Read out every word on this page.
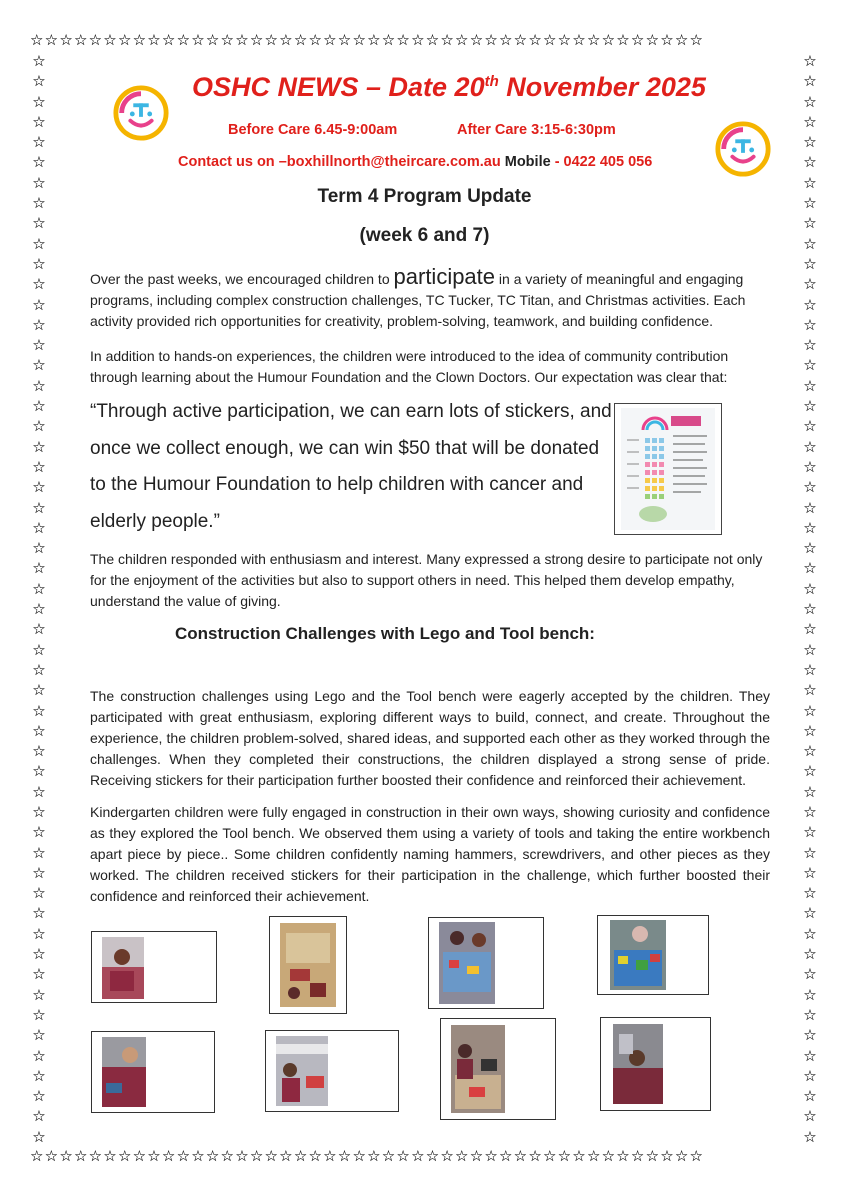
☆☆☆☆☆☆☆☆☆☆☆☆☆☆☆☆☆☆☆☆☆☆☆☆☆☆☆☆☆☆☆☆☆☆☆☆☆☆☆☆☆☆☆☆☆☆
☆☆☆☆☆☆☆☆☆☆☆☆☆☆☆☆☆☆☆☆☆☆☆☆☆☆☆☆☆☆☆☆☆☆☆☆☆☆☆☆☆☆☆☆☆☆
☆
☆
☆
☆
☆
☆
☆
☆
☆
☆
☆
☆
☆
☆
☆
☆
☆
☆
☆
☆
☆
☆
☆
☆
☆
☆
☆
☆
☆
☆
☆
☆
☆
☆
☆
☆
☆
☆
☆
☆
☆
☆
☆
☆
☆
☆
☆
☆
☆
☆
☆
☆
☆
☆
☆
☆
☆
☆
☆
☆
☆
☆
☆
☆
☆
☆
☆
☆
☆
☆
☆
☆
☆
☆
☆
☆
☆
☆
☆
☆
☆
☆
☆
☆
☆
☆
☆
☆
☆
☆
☆
☆
☆
☆
☆
☆
☆
☆
☆
☆
☆
☆
☆
☆
☆
☆
☆
☆
OSHC NEWS – Date 20th November 2025
Before Care 6.45-9:00am	After Care 3:15-6:30pm
Contact us on –boxhillnorth@theircare.com.au Mobile - 0422 405 056
Term 4 Program Update
(week 6 and 7)
Over the past weeks, we encouraged children to participate in a variety of meaningful and engaging programs, including complex construction challenges, TC Tucker, TC Titan, and Christmas activities. Each activity provided rich opportunities for creativity, problem-solving, teamwork, and building confidence.
In addition to hands-on experiences, the children were introduced to the idea of community contribution through learning about the Humour Foundation and the Clown Doctors. Our expectation was clear that:
“Through active participation, we can earn lots of stickers, and once we collect enough, we can win $50 that will be donated to the Humour Foundation to help children with cancer and elderly people.”
The children responded with enthusiasm and interest. Many expressed a strong desire to participate not only for the enjoyment of the activities but also to support others in need. This helped them develop empathy, understand the value of giving.
Construction Challenges with Lego and Tool bench:
The construction challenges using Lego and the Tool bench were eagerly accepted by the children. They participated with great enthusiasm, exploring different ways to build, connect, and create. Throughout the experience, the children problem-solved, shared ideas, and supported each other as they worked through the challenges. When they completed their constructions, the children displayed a strong sense of pride. Receiving stickers for their participation further boosted their confidence and reinforced their achievement.
Kindergarten children were fully engaged in construction in their own ways, showing curiosity and confidence as they explored the Tool bench. We observed them using a variety of tools and taking the entire workbench apart piece by piece.. Some children confidently naming hammers, screwdrivers, and other pieces as they worked. The children received stickers for their participation in the challenge, which further boosted their confidence and reinforced their achievement.
